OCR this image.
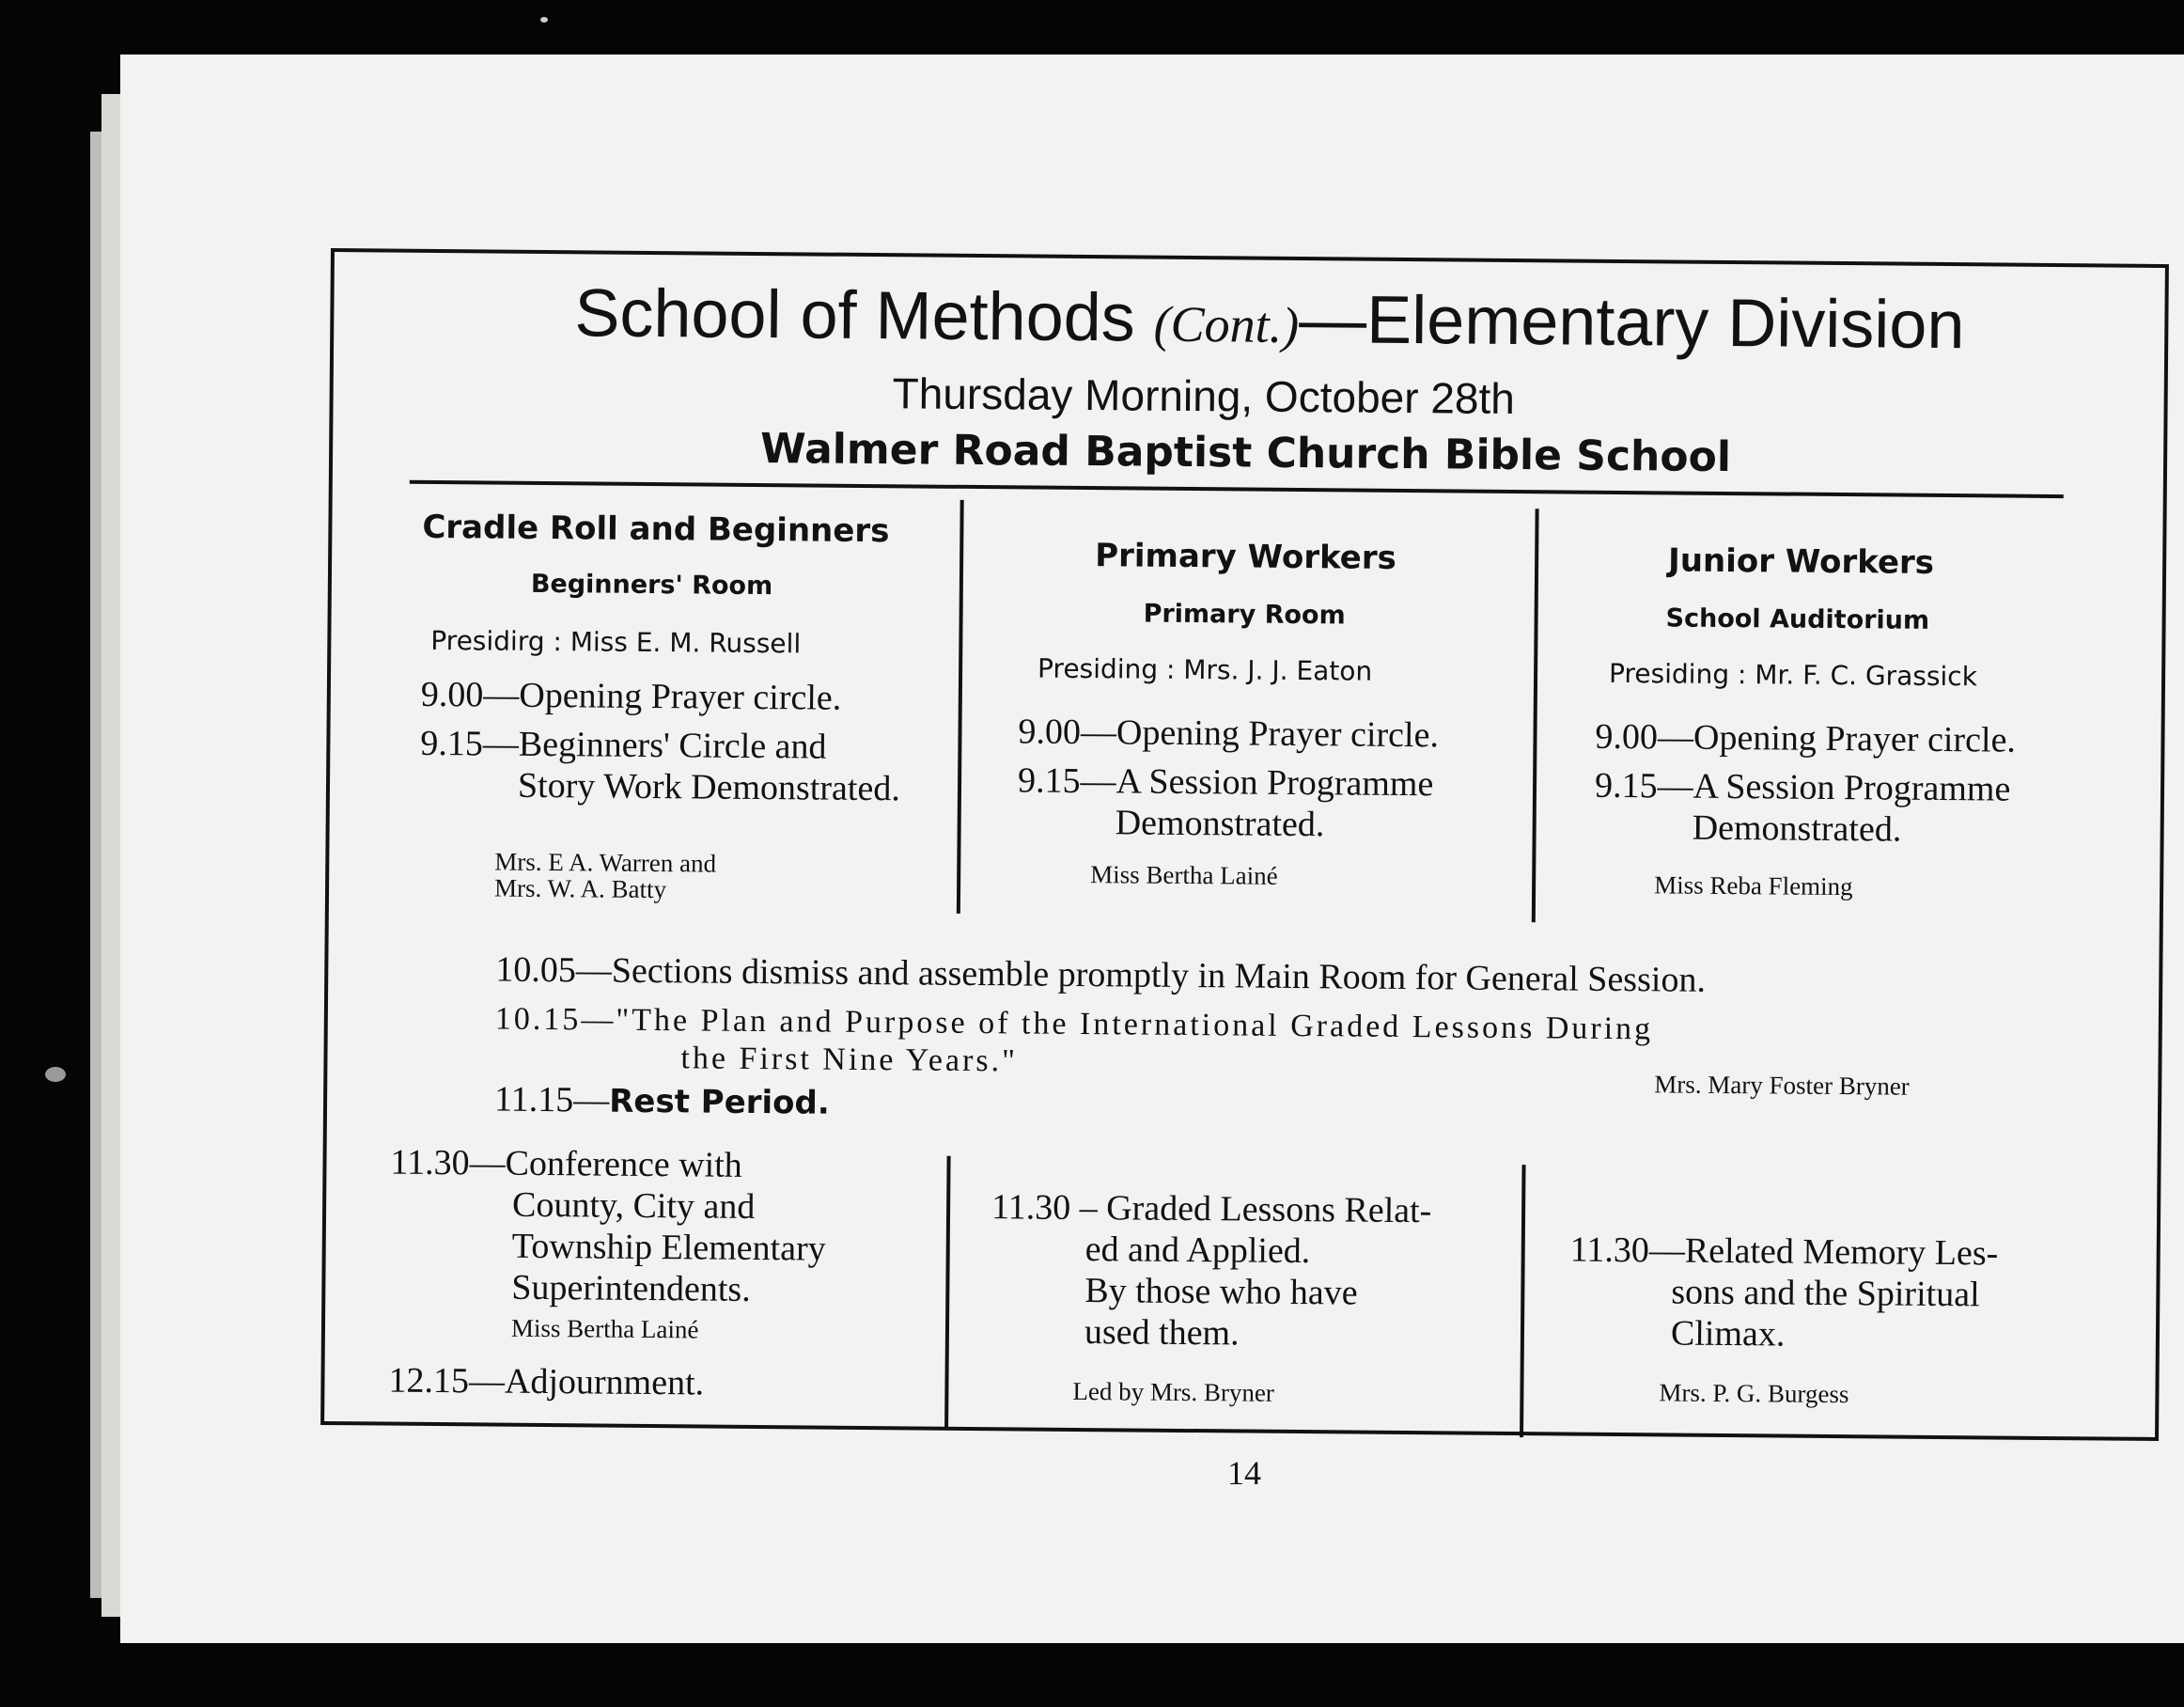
School of Methods (Cont.)—Elementary Division
Thursday Morning, October 28th
Walmer Road Baptist Church Bible School
Cradle Roll and Beginners
Beginners' Room
Presidirg : Miss E. M. Russell
9.00—Opening Prayer circle.
9.15—Beginners' Circle and
Story Work Demonstrated.
Mrs. E A. Warren and
Mrs. W. A. Batty
Primary Workers
Primary Room
Presiding : Mrs. J. J. Eaton
9.00—Opening Prayer circle.
9.15—A Session Programme
Demonstrated.
Miss Bertha Lainé
Junior Workers
School Auditorium
Presiding : Mr. F. C. Grassick
9.00—Opening Prayer circle.
9.15—A Session Programme
Demonstrated.
Miss Reba Fleming
10.05—Sections dismiss and assemble promptly in Main Room for General Session.
10.15—"The Plan and Purpose of the International Graded Lessons During
the First Nine Years."
Mrs. Mary Foster Bryner
11.15—Rest Period.
11.30—Conference with
County, City and
Township Elementary
Superintendents.
Miss Bertha Lainé
12.15—Adjournment.
11.30 – Graded Lessons Relat-
ed and Applied.
By those who have
used them.
Led by Mrs. Bryner
11.30—Related Memory Les-
sons and the Spiritual
Climax.
Mrs. P. G. Burgess
14
